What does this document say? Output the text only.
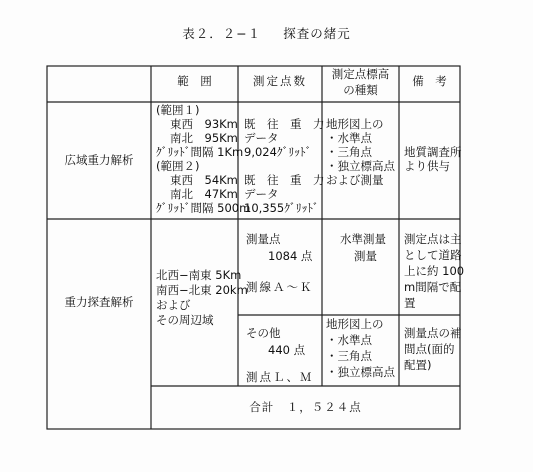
表２．２−１ 探査の緒元
範　囲	測定点数	測定点標高
の種類
備　考
広域重力解析
(範囲１)
東西　93Km
南北　95Km
ｸﾞﾘｯﾄﾞ間隔 1Km
(範囲２)
東西　54Km
南北　47Km
ｸﾞﾘｯﾄﾞ間隔 500m
既　往　重　力
データ
9,024ｸﾞﾘｯﾄﾞ
既　往　重　力
データ
10,355ｸﾞﾘｯﾄﾞ
地形図上の
・水準点
・三角点
・独立標高点
および測量
地質調査所
より供与
重力探査解析
北西−南東 5Km
南西−北東 20km
および
その周辺域
測量点
1084 点
測線Ａ〜Ｋ
水準測量
測量
測定点は主
として道路
上に約 100
m間隔で配
置
その他
440 点
測点Ｌ、Ｍ
地形図上の
・水準点
・三角点
・独立標高点
測量点の補
間点(面的
配置)
合計　１，５２４点
